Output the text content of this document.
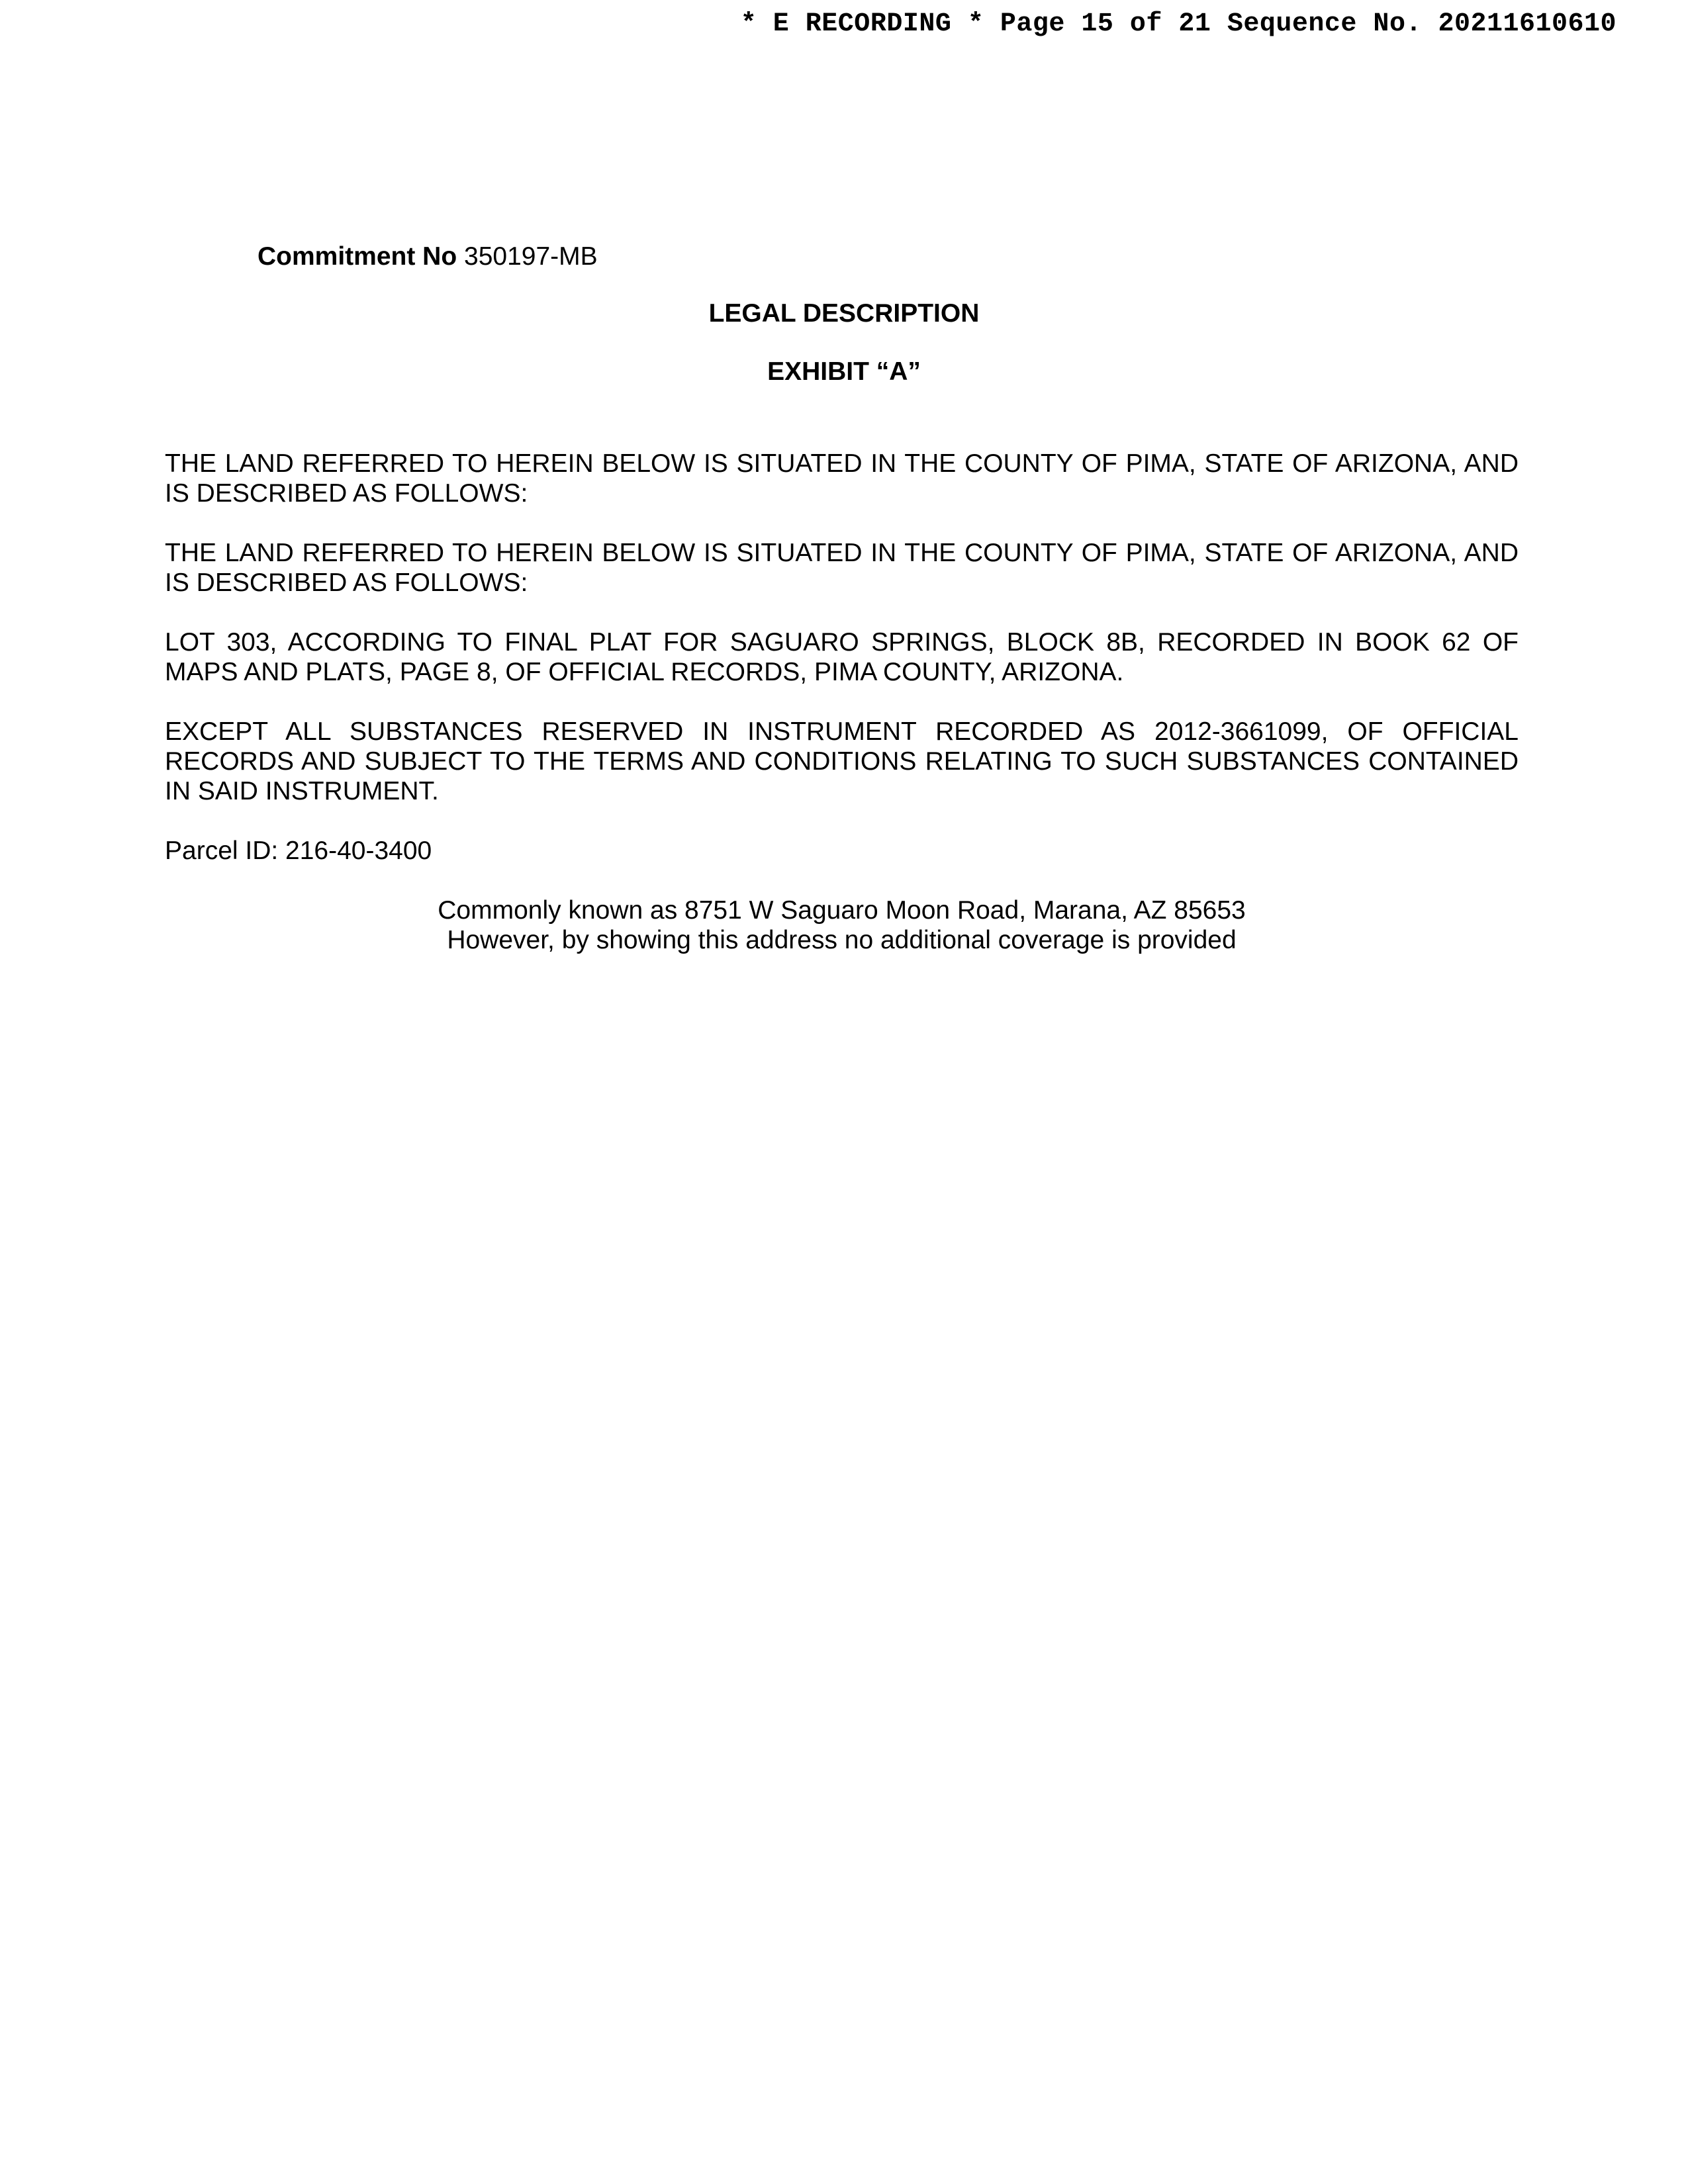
* E RECORDING * Page 15 of 21 Sequence No. 20211610610
Commitment No 350197-MB
LEGAL DESCRIPTION
EXHIBIT “A”

THE LAND REFERRED TO HEREIN BELOW IS SITUATED IN THE COUNTY OF PIMA, STATE OF ARIZONA, AND IS DESCRIBED AS FOLLOWS:

THE LAND REFERRED TO HEREIN BELOW IS SITUATED IN THE COUNTY OF PIMA, STATE OF ARIZONA, AND IS DESCRIBED AS FOLLOWS:

LOT 303, ACCORDING TO FINAL PLAT FOR SAGUARO SPRINGS, BLOCK 8B, RECORDED IN BOOK 62 OF MAPS AND PLATS, PAGE 8, OF OFFICIAL RECORDS, PIMA COUNTY, ARIZONA.

EXCEPT ALL SUBSTANCES RESERVED IN INSTRUMENT RECORDED AS 2012-3661099, OF OFFICIAL RECORDS AND SUBJECT TO THE TERMS AND CONDITIONS RELATING TO SUCH SUBSTANCES CONTAINED IN SAID INSTRUMENT.

Parcel ID: 216-40-3400

Commonly known as 8751 W Saguaro Moon Road, Marana, AZ 85653
However, by showing this address no additional coverage is provided
